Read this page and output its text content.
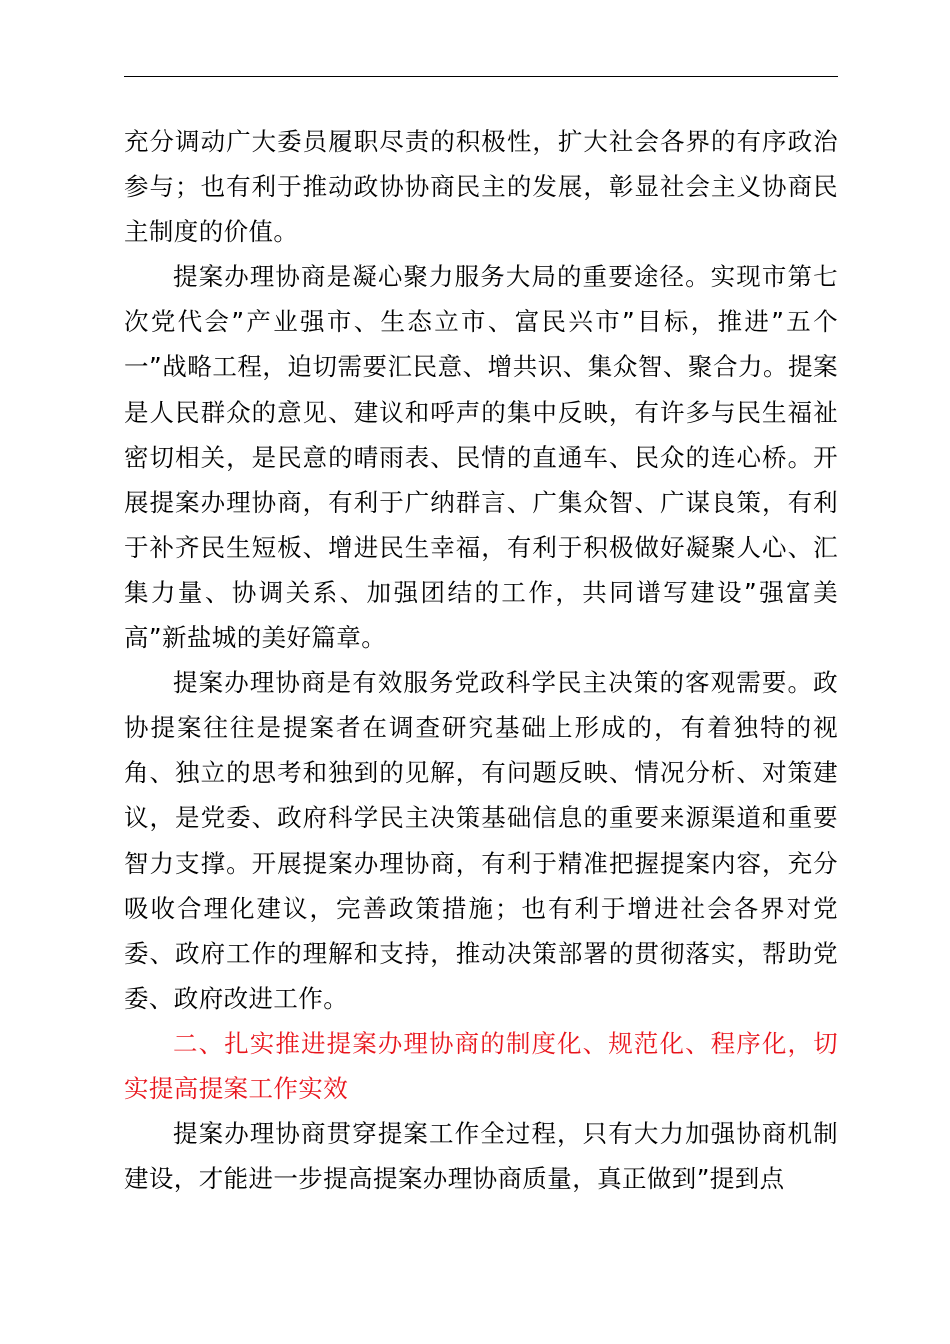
充分调动广大委员履职尽责的积极性，扩大社会各界的有序政治参与；也有利于推动政协协商民主的发展，彰显社会主义协商民主制度的价值。

提案办理协商是凝心聚力服务大局的重要途径。实现市第七次党代会”产业强市、生态立市、富民兴市”目标，推进”五个一”战略工程，迫切需要汇民意、增共识、集众智、聚合力。提案是人民群众的意见、建议和呼声的集中反映，有许多与民生福祉密切相关，是民意的晴雨表、民情的直通车、民众的连心桥。开展提案办理协商，有利于广纳群言、广集众智、广谋良策，有利于补齐民生短板、增进民生幸福，有利于积极做好凝聚人心、汇集力量、协调关系、加强团结的工作，共同谱写建设”强富美高”新盐城的美好篇章。

提案办理协商是有效服务党政科学民主决策的客观需要。政协提案往往是提案者在调查研究基础上形成的，有着独特的视角、独立的思考和独到的见解，有问题反映、情况分析、对策建议，是党委、政府科学民主决策基础信息的重要来源渠道和重要智力支撑。开展提案办理协商，有利于精准把握提案内容，充分吸收合理化建议，完善政策措施；也有利于增进社会各界对党委、政府工作的理解和支持，推动决策部署的贯彻落实，帮助党委、政府改进工作。

二、扎实推进提案办理协商的制度化、规范化、程序化，切实提高提案工作实效

提案办理协商贯穿提案工作全过程，只有大力加强协商机制建设，才能进一步提高提案办理协商质量，真正做到”提到点
